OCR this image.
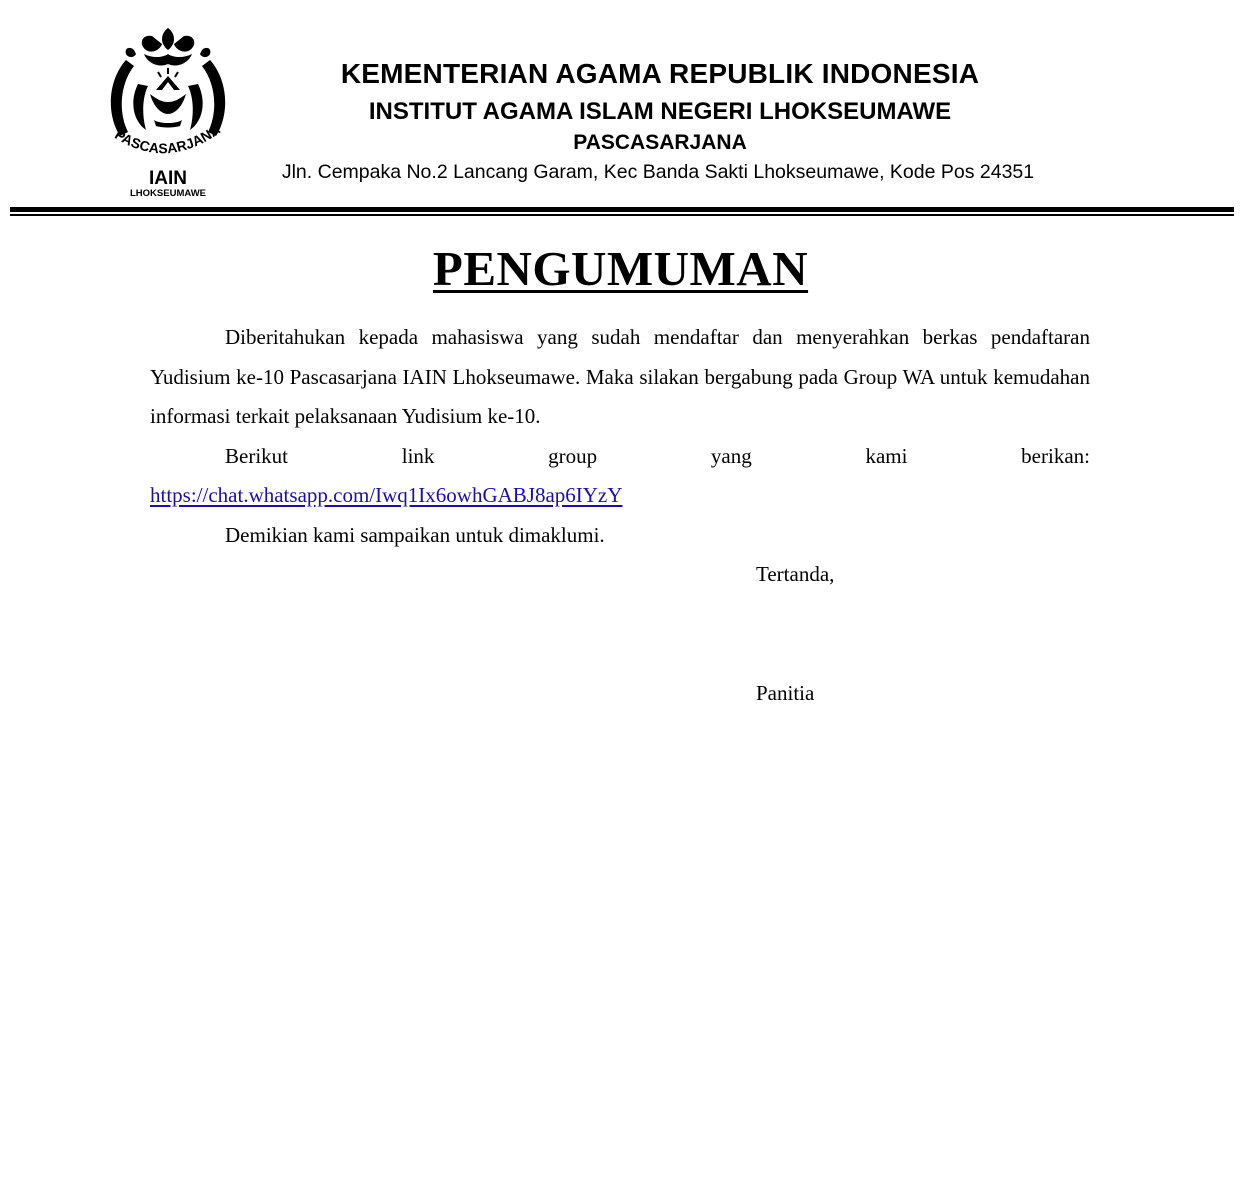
PASCASARJANA
IAIN
LHOKSEUMAWE
KEMENTERIAN AGAMA REPUBLIK INDONESIA
INSTITUT AGAMA ISLAM NEGERI LHOKSEUMAWE
PASCASARJANA
Jln. Cempaka No.2 Lancang Garam, Kec Banda Sakti Lhokseumawe, Kode Pos 24351
PENGUMUMAN

Diberitahukan kepada mahasiswa yang sudah mendaftar dan menyerahkan berkas pendaftaran Yudisium ke-10 Pascasarjana IAIN Lhokseumawe. Maka silakan bergabung pada Group WA untuk kemudahan informasi terkait pelaksanaan Yudisium ke-10.

Berikut link group yang kami berikan:

https://chat.whatsapp.com/Iwq1Ix6owhGABJ8ap6IYzY

Demikian kami sampaikan untuk dimaklumi.

Tertanda,
Panitia
